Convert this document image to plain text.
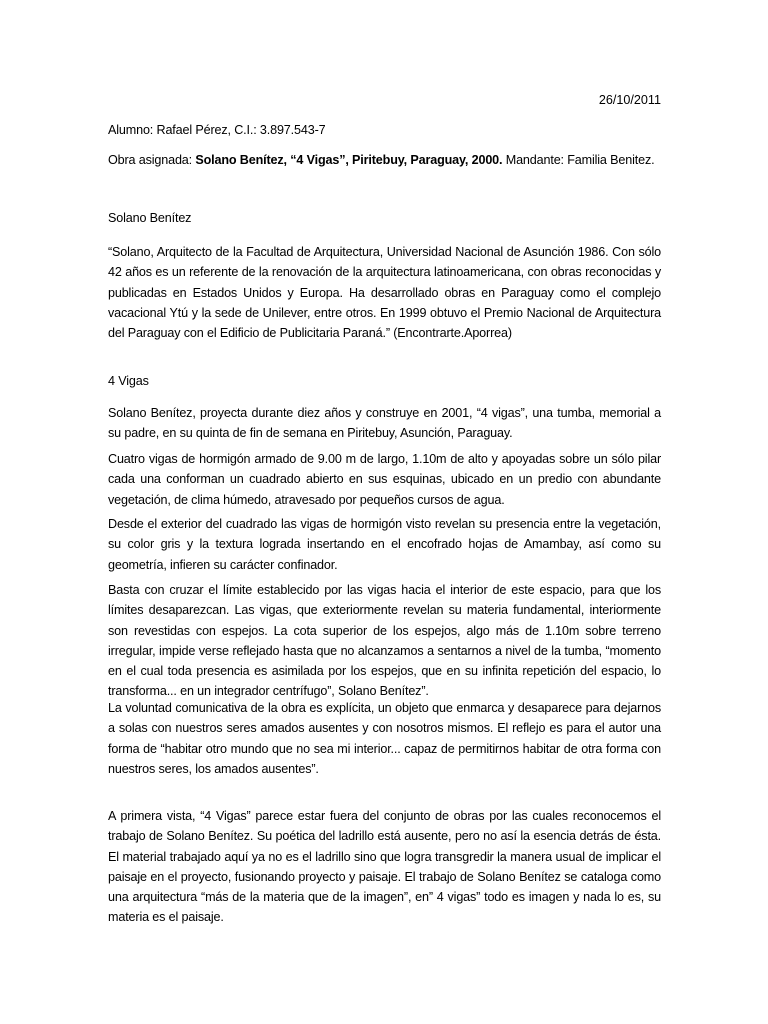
26/10/2011

Alumno: Rafael Pérez, C.I.: 3.897.543-7

Obra asignada: Solano Benítez, “4 Vigas”, Piritebuy, Paraguay, 2000. Mandante: Familia Benitez.

Solano Benítez

“Solano, Arquitecto de la Facultad de Arquitectura, Universidad Nacional de Asunción 1986. Con sólo 42 años es un referente de la renovación de la arquitectura latinoamericana, con obras reconocidas y publicadas en Estados Unidos y Europa. Ha desarrollado obras en Paraguay como el complejo vacacional Ytú y la sede de Unilever, entre otros. En 1999 obtuvo el Premio Nacional de Arquitectura del Paraguay con el Edificio de Publicitaria Paraná.” (Encontrarte.Aporrea)

4 Vigas

Solano Benítez, proyecta durante diez años y construye en 2001, “4 vigas”, una tumba, memorial a su padre, en su quinta de fin de semana en Piritebuy, Asunción, Paraguay.

Cuatro vigas de hormigón armado de 9.00 m de largo, 1.10m de alto y apoyadas sobre un sólo pilar cada una conforman un cuadrado abierto en sus esquinas, ubicado en un predio con abundante vegetación, de clima húmedo, atravesado por pequeños cursos de agua.

Desde el exterior del cuadrado las vigas de hormigón visto revelan su presencia entre la vegetación, su color gris y la textura lograda insertando en el encofrado hojas de Amambay, así como su geometría, infieren su carácter confinador.

Basta con cruzar el límite establecido por las vigas hacia el interior de este espacio, para que los límites desaparezcan. Las vigas, que exteriormente revelan su materia fundamental, interiormente son revestidas con espejos. La cota superior de los espejos, algo más de 1.10m sobre terreno irregular, impide verse reflejado hasta que no alcanzamos a sentarnos a nivel de la tumba, “momento en el cual toda presencia es asimilada por los espejos, que en su infinita repetición del espacio, lo transforma... en un integrador centrífugo”, Solano Benítez”.

La voluntad comunicativa de la obra es explícita, un objeto que enmarca y desaparece para dejarnos a solas con nuestros seres amados ausentes y con nosotros mismos. El reflejo es para el autor una forma de “habitar otro mundo que no sea mi interior... capaz de permitirnos habitar de otra forma con nuestros seres, los amados ausentes”.

A primera vista, “4 Vigas” parece estar fuera del conjunto de obras por las cuales reconocemos el trabajo de Solano Benítez. Su poética del ladrillo está ausente, pero no así la esencia detrás de ésta. El material trabajado aquí ya no es el ladrillo sino que logra transgredir la manera usual de implicar el paisaje en el proyecto, fusionando proyecto y paisaje. El trabajo de Solano Benítez se cataloga como una arquitectura “más de la materia que de la imagen”, en” 4 vigas” todo es imagen y nada lo es, su materia es el paisaje.
